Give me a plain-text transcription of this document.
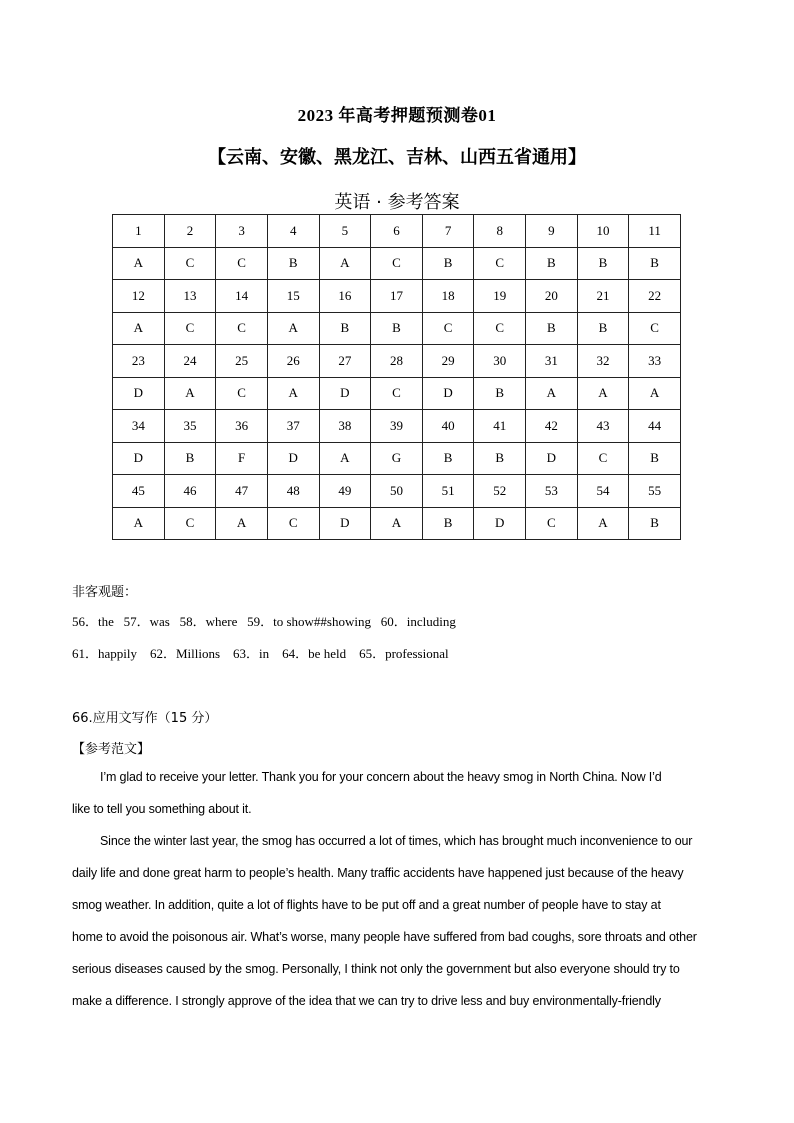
2023 年高考押题预测卷01
【云南、安徽、黑龙江、吉林、山西五省通用】
英语 · 参考答案
1	2	3	4	5	6	7	8	9	10	11
A	C	C	B	A	C	B	C	B	B	B
12	13	14	15	16	17	18	19	20	21	22
A	C	C	A	B	B	C	C	B	B	C
23	24	25	26	27	28	29	30	31	32	33
D	A	C	A	D	C	D	B	A	A	A
34	35	36	37	38	39	40	41	42	43	44
D	B	F	D	A	G	B	B	D	C	B
45	46	47	48	49	50	51	52	53	54	55
A	C	A	C	D	A	B	D	C	A	B
非客观题：
56．the   57．was   58．where   59．to show##showing   60．including
61．happily    62．Millions    63．in    64．be held    65．professional
66.应用文写作（15 分）
【参考范文】
I’m glad to receive your letter. Thank you for your concern about the heavy smog in North China. Now I’d
like to tell you something about it.
Since the winter last year, the smog has occurred a lot of times, which has brought much inconvenience to our
daily life and done great harm to people’s health. Many traffic accidents have happened just because of the heavy
smog weather. In addition, quite a lot of flights have to be put off and a great number of people have to stay at
home to avoid the poisonous air. What’s worse, many people have suffered from bad coughs, sore throats and other
serious diseases caused by the smog. Personally, I think not only the government but also everyone should try to
make a difference. I strongly approve of the idea that we can try to drive less and buy environmentally-friendly
